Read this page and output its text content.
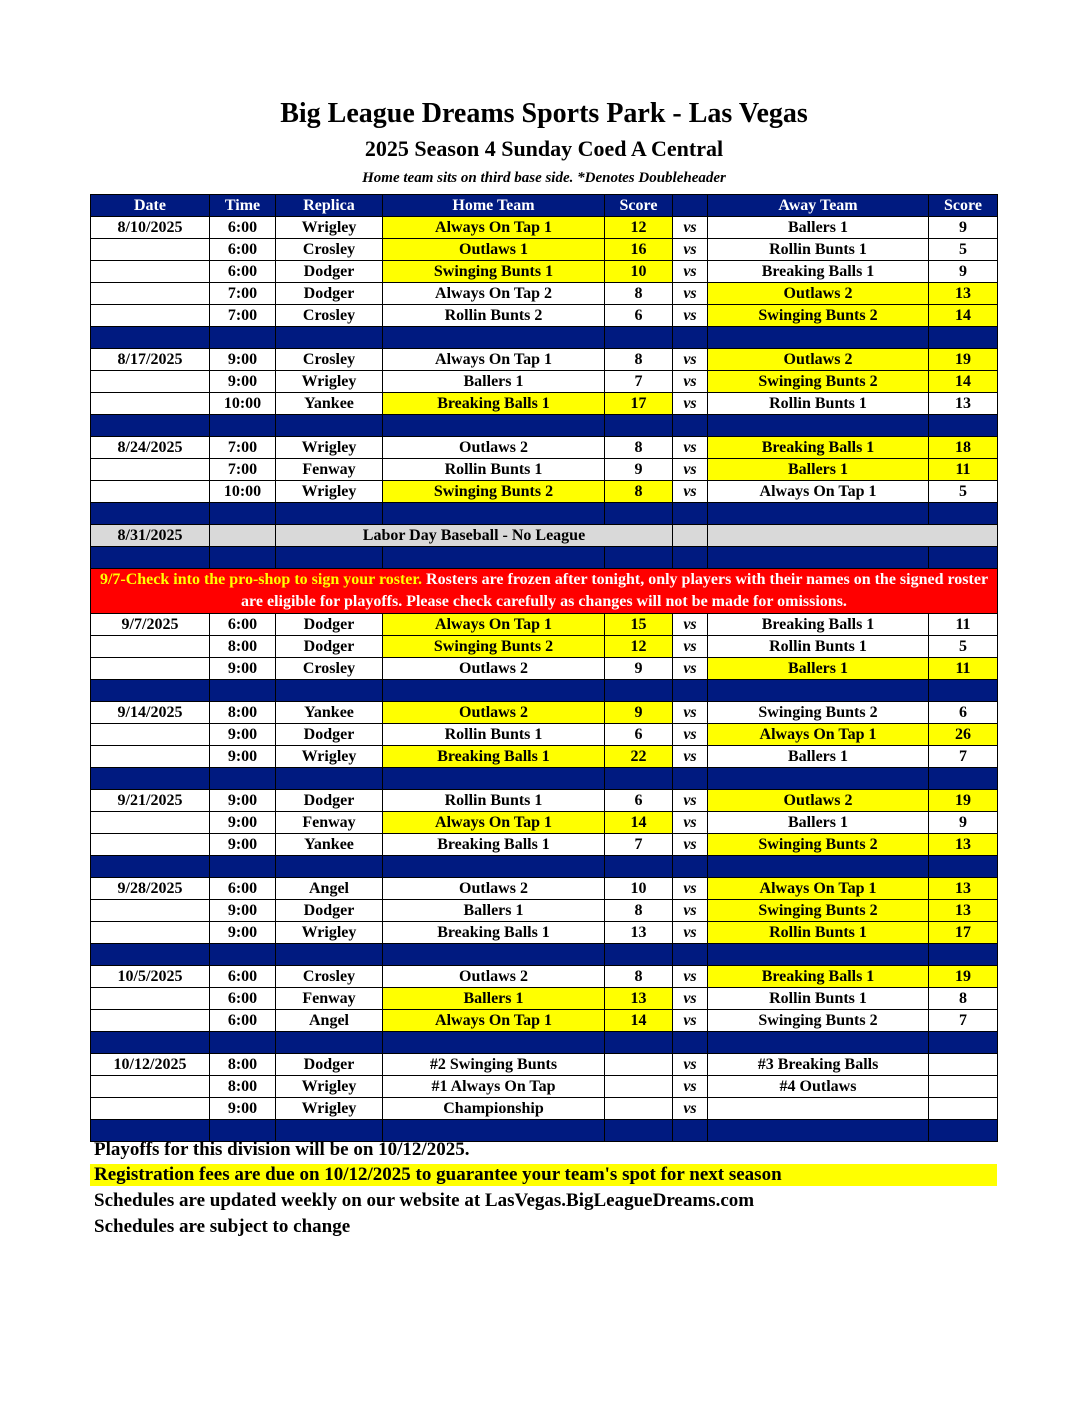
Big League Dreams Sports Park - Las Vegas
2025 Season 4 Sunday Coed A Central
Home team sits on third base side. *Denotes Doubleheader
Date	Time	Replica	Home Team	Score		Away Team	Score
8/10/2025	6:00	Wrigley	Always On Tap 1	12	vs	Ballers 1	9
	6:00	Crosley	Outlaws 1	16	vs	Rollin Bunts 1	5
	6:00	Dodger	Swinging Bunts 1	10	vs	Breaking Balls 1	9
	7:00	Dodger	Always On Tap 2	8	vs	Outlaws 2	13
	7:00	Crosley	Rollin Bunts 2	6	vs	Swinging Bunts 2	14

8/17/2025	9:00	Crosley	Always On Tap 1	8	vs	Outlaws 2	19
	9:00	Wrigley	Ballers 1	7	vs	Swinging Bunts 2	14
	10:00	Yankee	Breaking Balls 1	17	vs	Rollin Bunts 1	13

8/24/2025	7:00	Wrigley	Outlaws 2	8	vs	Breaking Balls 1	18
	7:00	Fenway	Rollin Bunts 1	9	vs	Ballers 1	11
	10:00	Wrigley	Swinging Bunts 2	8	vs	Always On Tap 1	5

8/31/2025		Labor Day Baseball - No League					

9/7-Check into the pro-shop to sign your roster. Rosters are frozen after tonight, only players with their names on the signed roster are eligible for playoffs. Please check carefully as changes will not be made for omissions.							
9/7/2025	6:00	Dodger	Always On Tap 1	15	vs	Breaking Balls 1	11
	8:00	Dodger	Swinging Bunts 2	12	vs	Rollin Bunts 1	5
	9:00	Crosley	Outlaws 2	9	vs	Ballers 1	11

9/14/2025	8:00	Yankee	Outlaws 2	9	vs	Swinging Bunts 2	6
	9:00	Dodger	Rollin Bunts 1	6	vs	Always On Tap 1	26
	9:00	Wrigley	Breaking Balls 1	22	vs	Ballers 1	7

9/21/2025	9:00	Dodger	Rollin Bunts 1	6	vs	Outlaws 2	19
	9:00	Fenway	Always On Tap 1	14	vs	Ballers 1	9
	9:00	Yankee	Breaking Balls 1	7	vs	Swinging Bunts 2	13

9/28/2025	6:00	Angel	Outlaws 2	10	vs	Always On Tap 1	13
	9:00	Dodger	Ballers 1	8	vs	Swinging Bunts 2	13
	9:00	Wrigley	Breaking Balls 1	13	vs	Rollin Bunts 1	17

10/5/2025	6:00	Crosley	Outlaws 2	8	vs	Breaking Balls 1	19
	6:00	Fenway	Ballers 1	13	vs	Rollin Bunts 1	8
	6:00	Angel	Always On Tap 1	14	vs	Swinging Bunts 2	7

10/12/2025	8:00	Dodger	#2 Swinging Bunts		vs	#3 Breaking Balls	
	8:00	Wrigley	#1 Always On Tap		vs	#4 Outlaws	
	9:00	Wrigley	Championship		vs		

Playoffs for this division will be on 10/12/2025.
Registration fees are due on 10/12/2025 to guarantee your team's spot for next season
Schedules are updated weekly on our website at LasVegas.BigLeagueDreams.com
Schedules are subject to change
